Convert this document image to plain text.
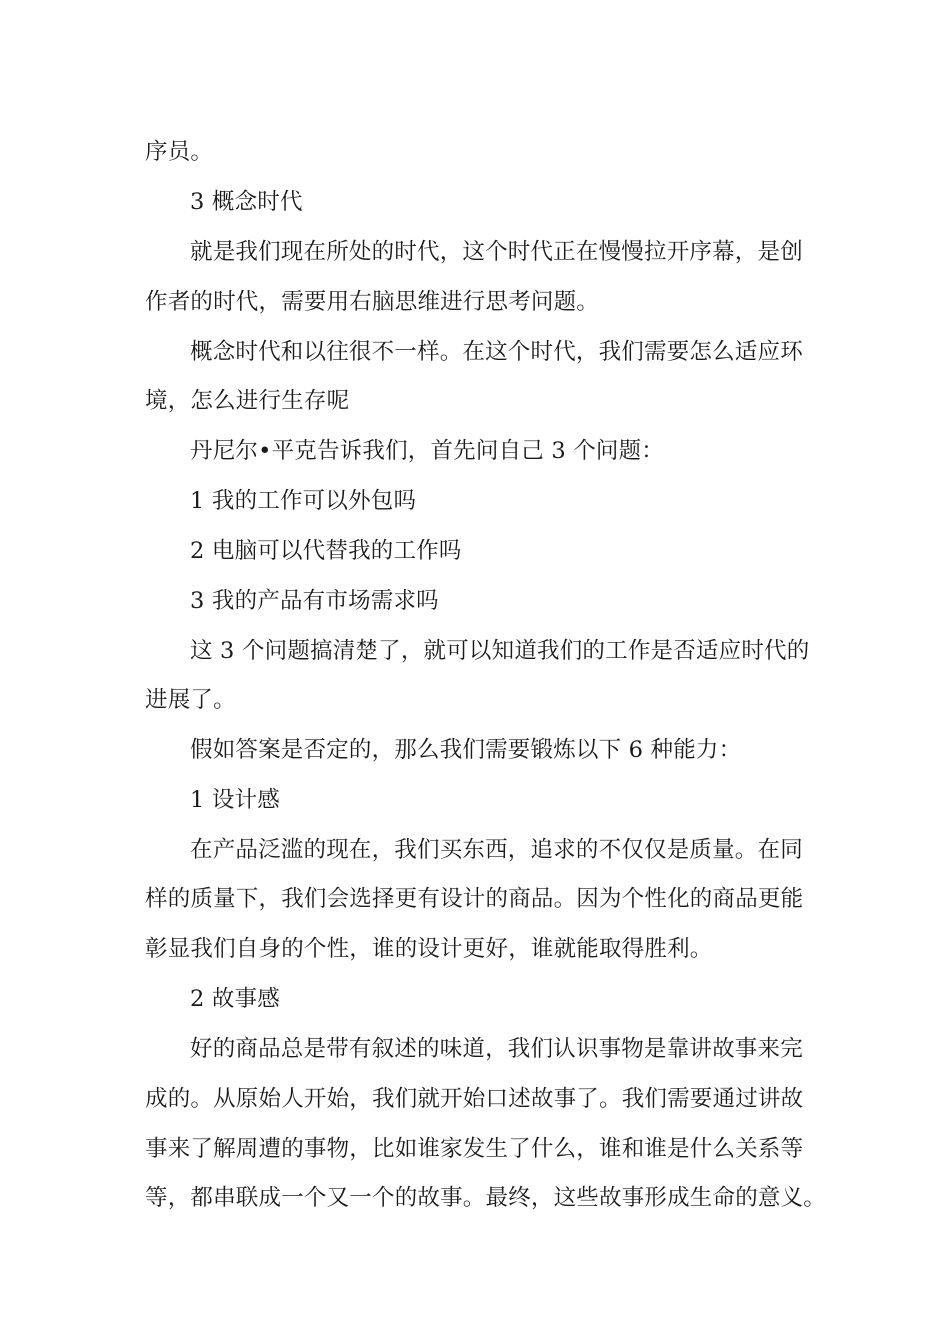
序员。
3 概念时代
就是我们现在所处的时代，这个时代正在慢慢拉开序幕，是创
作者的时代，需要用右脑思维进行思考问题。
概念时代和以往很不一样。在这个时代，我们需要怎么适应环
境，怎么进行生存呢
丹尼尔•平克告诉我们，首先问自己 3 个问题：
1 我的工作可以外包吗
2 电脑可以代替我的工作吗
3 我的产品有市场需求吗
这 3 个问题搞清楚了，就可以知道我们的工作是否适应时代的
进展了。
假如答案是否定的，那么我们需要锻炼以下 6 种能力：
1 设计感
在产品泛滥的现在，我们买东西，追求的不仅仅是质量。在同
样的质量下，我们会选择更有设计的商品。因为个性化的商品更能
彰显我们自身的个性，谁的设计更好，谁就能取得胜利。
2 故事感
好的商品总是带有叙述的味道，我们认识事物是靠讲故事来完
成的。从原始人开始，我们就开始口述故事了。我们需要通过讲故
事来了解周遭的事物，比如谁家发生了什么，谁和谁是什么关系等
等，都串联成一个又一个的故事。最终，这些故事形成生命的意义。
